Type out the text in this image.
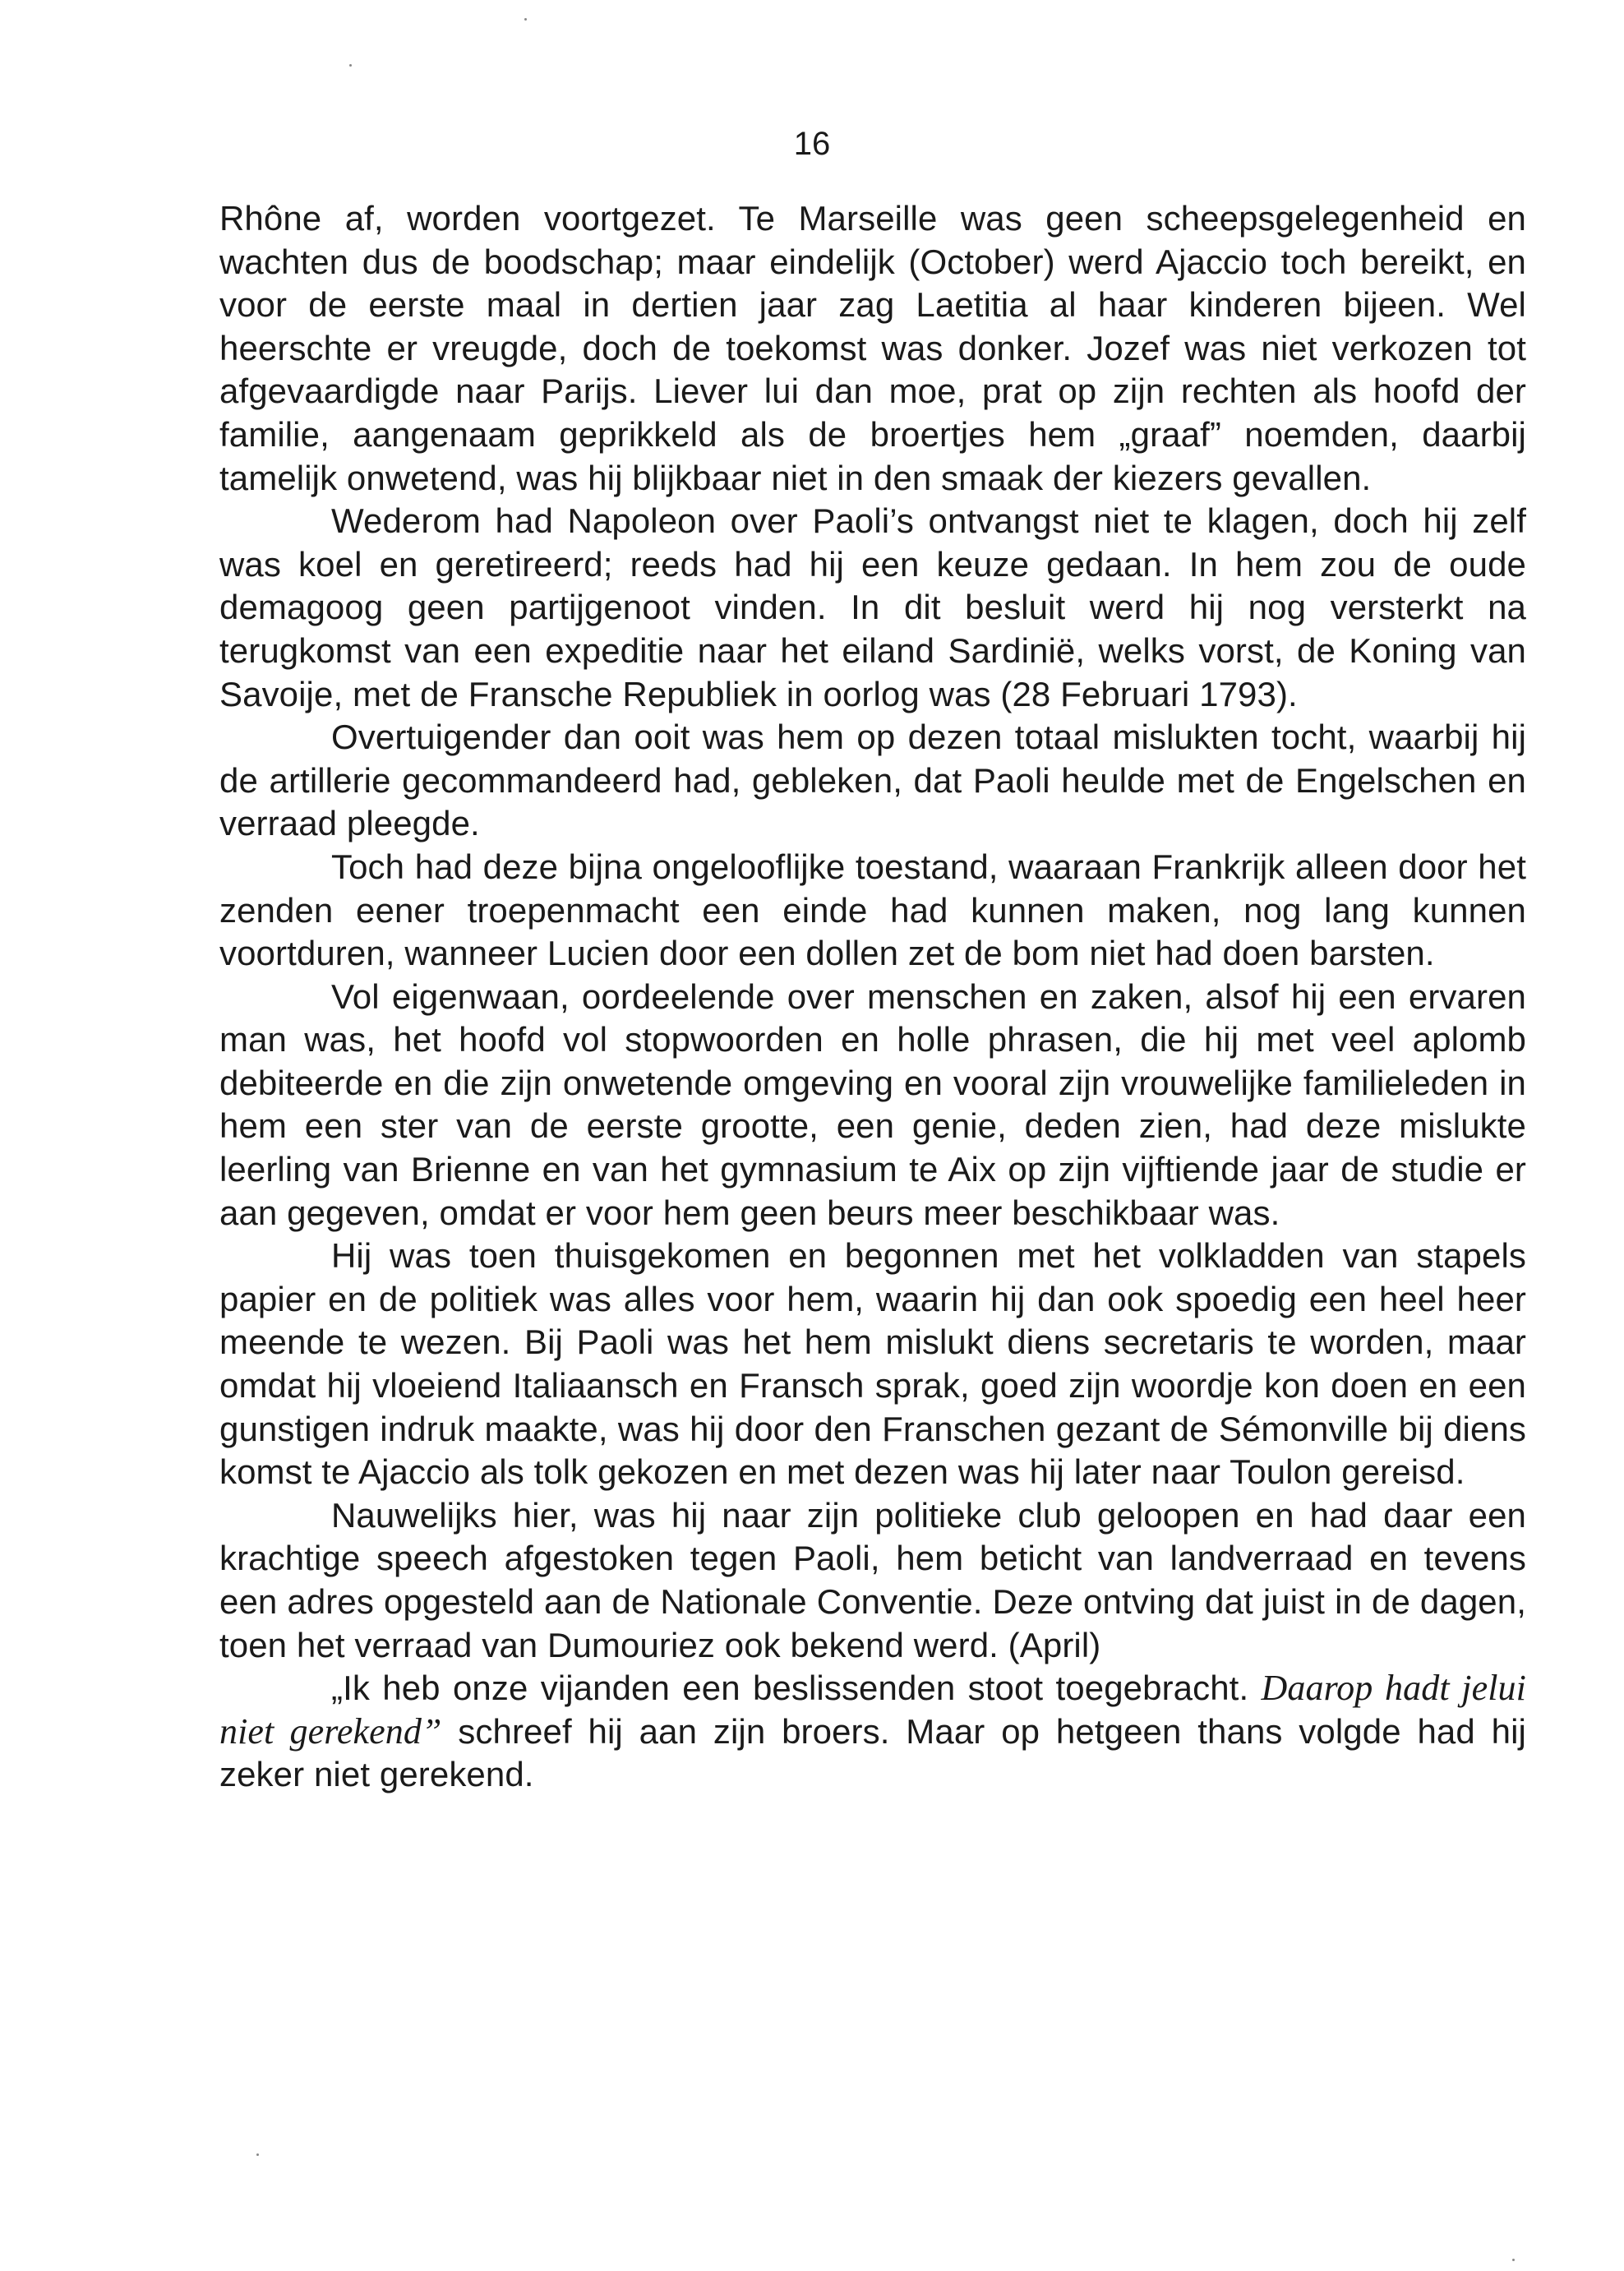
16

Rhône af, worden voortgezet. Te Marseille was geen scheepsgelegenheid en wachten dus de boodschap; maar eindelijk (October) werd Ajaccio toch bereikt, en voor de eerste maal in dertien jaar zag Laetitia al haar kinderen bijeen. Wel heerschte er vreugde, doch de toekomst was donker. Jozef was niet verkozen tot afgevaardigde naar Parijs. Liever lui dan moe, prat op zijn rechten als hoofd der familie, aangenaam geprikkeld als de broertjes hem „graaf” noemden, daarbij tamelijk onwetend, was hij blijkbaar niet in den smaak der kiezers gevallen.

Wederom had Napoleon over Paoli’s ontvangst niet te klagen, doch hij zelf was koel en geretireerd; reeds had hij een keuze gedaan. In hem zou de oude demagoog geen partijgenoot vinden. In dit besluit werd hij nog versterkt na terugkomst van een expeditie naar het eiland Sardinië, welks vorst, de Koning van Savoije, met de Fransche Republiek in oorlog was (28 Februari 1793).

Overtuigender dan ooit was hem op dezen totaal mislukten tocht, waarbij hij de artillerie gecommandeerd had, gebleken, dat Paoli heulde met de Engelschen en verraad pleegde.

Toch had deze bijna ongelooflijke toestand, waaraan Frankrijk alleen door het zenden eener troepenmacht een einde had kunnen maken, nog lang kunnen voortduren, wanneer Lucien door een dollen zet de bom niet had doen barsten.

Vol eigenwaan, oordeelende over menschen en zaken, alsof hij een ervaren man was, het hoofd vol stopwoorden en holle phrasen, die hij met veel aplomb debiteerde en die zijn onwetende omgeving en vooral zijn vrouwelijke familieleden in hem een ster van de eerste grootte, een genie, deden zien, had deze mislukte leerling van Brienne en van het gymnasium te Aix op zijn vijftiende jaar de studie er aan gegeven, omdat er voor hem geen beurs meer beschikbaar was.

Hij was toen thuisgekomen en begonnen met het volkladden van stapels papier en de politiek was alles voor hem, waarin hij dan ook spoedig een heel heer meende te wezen. Bij Paoli was het hem mislukt diens secretaris te worden, maar omdat hij vloeiend Italiaansch en Fransch sprak, goed zijn woordje kon doen en een gunstigen indruk maakte, was hij door den Franschen gezant de Sémonville bij diens komst te Ajaccio als tolk gekozen en met dezen was hij later naar Toulon gereisd.

Nauwelijks hier, was hij naar zijn politieke club geloopen en had daar een krachtige speech afgestoken tegen Paoli, hem beticht van landverraad en tevens een adres opgesteld aan de Nationale Conventie. Deze ontving dat juist in de dagen, toen het verraad van Dumouriez ook bekend werd. (April)

„Ik heb onze vijanden een beslissenden stoot toegebracht. Daarop hadt jelui niet gerekend” schreef hij aan zijn broers. Maar op hetgeen thans volgde had hij zeker niet gerekend.
